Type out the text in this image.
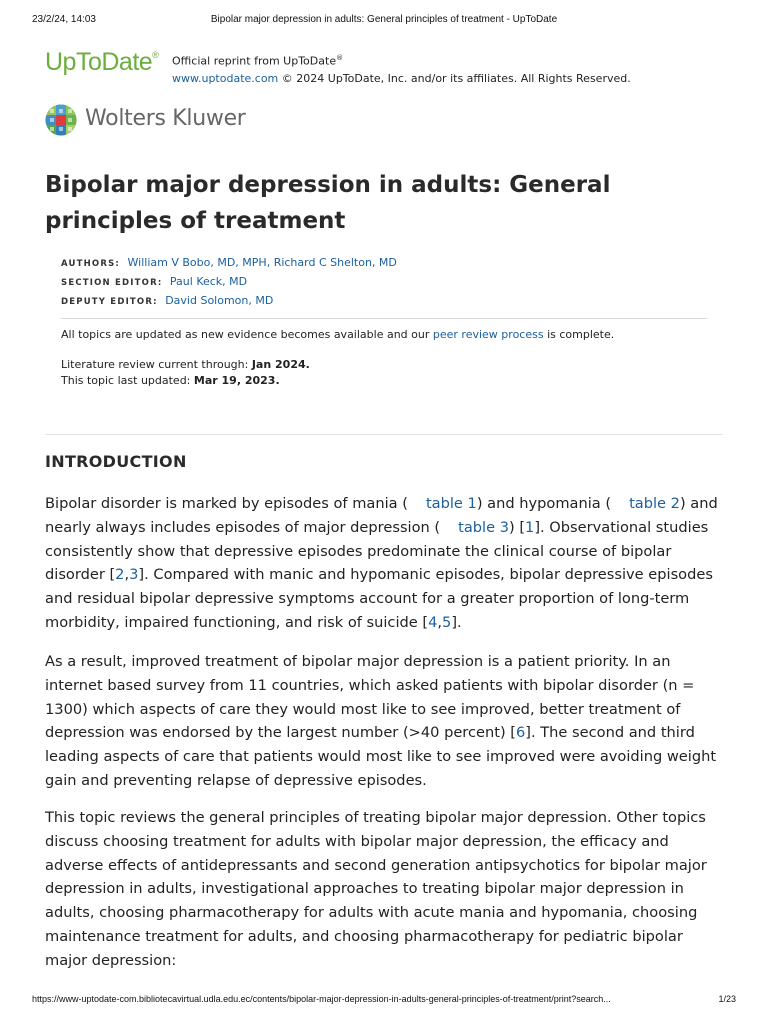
23/2/24, 14:03	Bipolar major depression in adults: General principles of treatment - UpToDate
UpToDate® Official reprint from UpToDate®
www.uptodate.com © 2024 UpToDate, Inc. and/or its affiliates. All Rights Reserved.
Wolters Kluwer
Bipolar major depression in adults: General principles of treatment
AUTHORS: William V Bobo, MD, MPH, Richard C Shelton, MD
SECTION EDITOR: Paul Keck, MD
DEPUTY EDITOR: David Solomon, MD
All topics are updated as new evidence becomes available and our peer review process is complete.
Literature review current through: Jan 2024.
This topic last updated: Mar 19, 2023.
INTRODUCTION

Bipolar disorder is marked by episodes of mania ( table 1) and hypomania ( table 2) and nearly always includes episodes of major depression ( table 3) [1]. Observational studies consistently show that depressive episodes predominate the clinical course of bipolar disorder [2,3]. Compared with manic and hypomanic episodes, bipolar depressive episodes and residual bipolar depressive symptoms account for a greater proportion of long-term morbidity, impaired functioning, and risk of suicide [4,5].

As a result, improved treatment of bipolar major depression is a patient priority. In an internet based survey from 11 countries, which asked patients with bipolar disorder (n = 1300) which aspects of care they would most like to see improved, better treatment of depression was endorsed by the largest number (>40 percent) [6]. The second and third leading aspects of care that patients would most like to see improved were avoiding weight gain and preventing relapse of depressive episodes.

This topic reviews the general principles of treating bipolar major depression. Other topics discuss choosing treatment for adults with bipolar major depression, the efficacy and adverse effects of antidepressants and second generation antipsychotics for bipolar major depression in adults, investigational approaches to treating bipolar major depression in adults, choosing pharmacotherapy for adults with acute mania and hypomania, choosing maintenance treatment for adults, and choosing pharmacotherapy for pediatric bipolar major depression:

https://www-uptodate-com.bibliotecavirtual.udla.edu.ec/contents/bipolar-major-depression-in-adults-general-principles-of-treatment/print?search...	1/23
